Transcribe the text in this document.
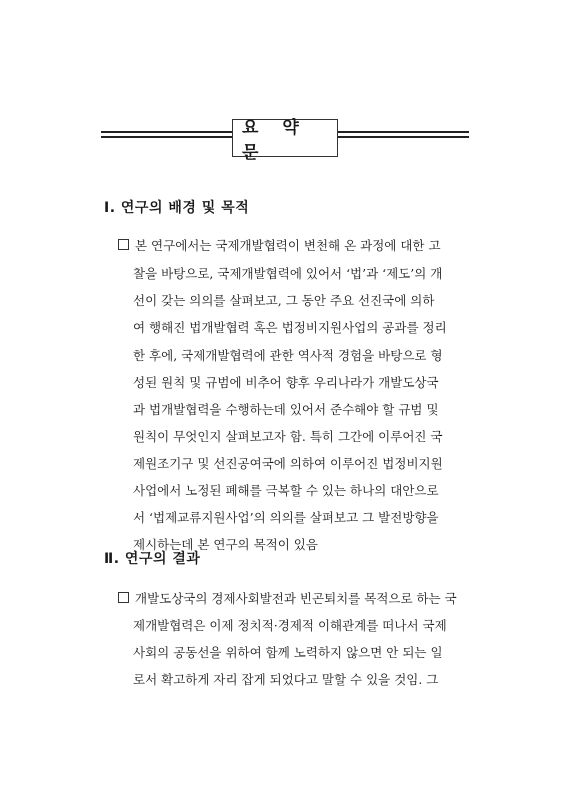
요 약 문
Ⅰ. 연구의 배경 및 목적
본 연구에서는 국제개발협력이 변천해 온 과정에 대한 고
찰을 바탕으로, 국제개발협력에 있어서 ‘법’과 ‘제도’의 개
선이 갖는 의의를 살펴보고, 그 동안 주요 선진국에 의하
여 행해진 법개발협력 혹은 법정비지원사업의 공과를 정리
한 후에, 국제개발협력에 관한 역사적 경험을 바탕으로 형
성된 원칙 및 규범에 비추어 향후 우리나라가 개발도상국
과 법개발협력을 수행하는데 있어서 준수해야 할 규범 및
원칙이 무엇인지 살펴보고자 함. 특히 그간에 이루어진 국
제원조기구 및 선진공여국에 의하여 이루어진 법정비지원
사업에서 노정된 폐해를 극복할 수 있는 하나의 대안으로
서 ‘법제교류지원사업’의 의의를 살펴보고 그 발전방향을
제시하는데 본 연구의 목적이 있음
Ⅱ. 연구의 결과
개발도상국의 경제사회발전과 빈곤퇴치를 목적으로 하는 국
제개발협력은 이제 정치적·경제적 이해관계를 떠나서 국제
사회의 공동선을 위하여 함께 노력하지 않으면 안 되는 일
로서 확고하게 자리 잡게 되었다고 말할 수 있을 것임. 그
